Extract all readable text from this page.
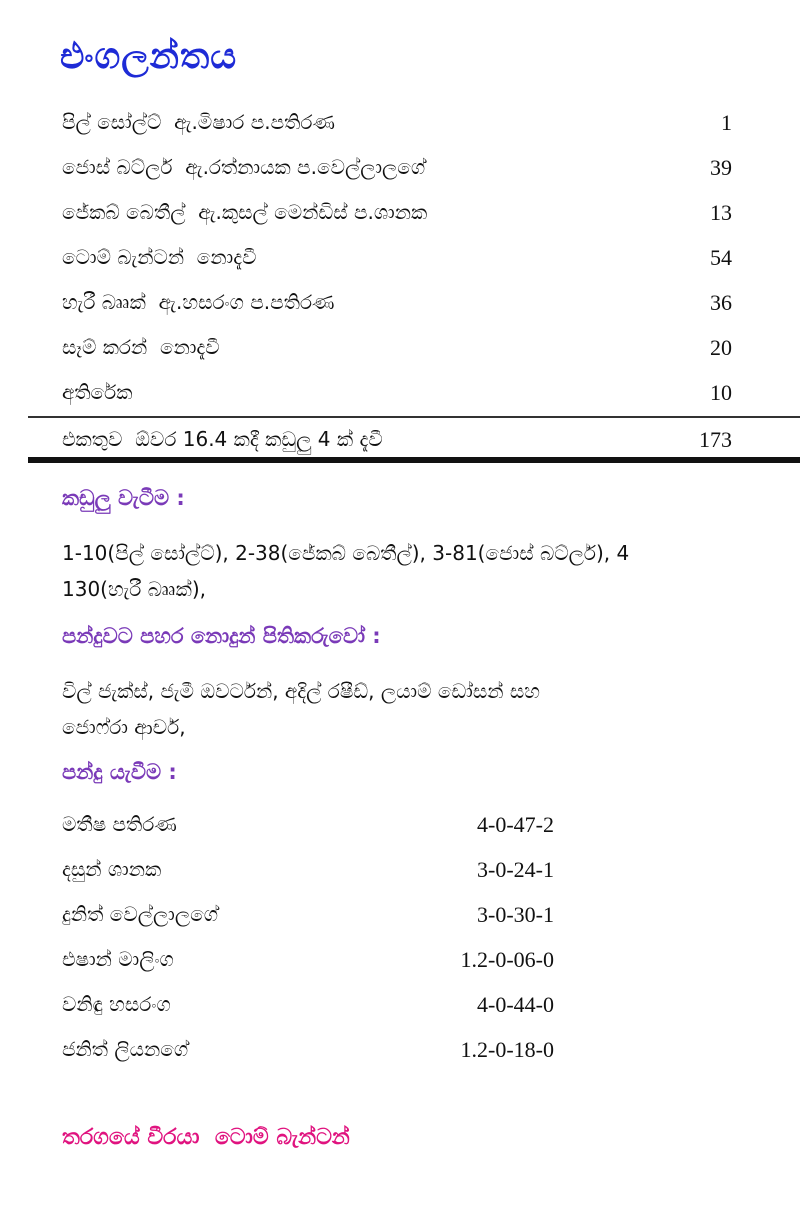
එංගලන්තය
පිල් සෝල්ට්  ඇ.මිෂාර ප.පතිරණ	1
ජොස් බට්ලර්  ඇ.රත්නායක ප.වෙල්ලාලගේ	39
ජේකබ් බෙතීල්  ඇ.කුසල් මෙන්ඩිස් ප.ශානක	13
ටොම් බැන්ටන්  නොදැවී	54
හැරී බෲක්  ඇ.හසරංග ප.පතිරණ	36
සෑම් කරන්  නොදැවී	20
අතිරේක	10
එකතුව  ඕවර 16.4 කදී කඩුලු 4 ක් දැවී	173
කඩුලු වැටීම :
1-10(පිල් සෝල්ට්), 2-38(ජේකබ් බෙතීල්), 3-81(ජොස් බට්ලර්), 4
130(හැරී බෲක්),
පන්දුවට පහර නොදුන් පිතිකරුවෝ :
විල් ජැක්ස්, ජැමී ඔවර්ටන්, අදිල් රෂීඩ්, ලයාම් ඩෝසන් සහ
ජොෆ්රා ආචර්,
පන්දු යැවීම :
මතීෂ පතිරණ	4-0-47-2
දසුන් ශානක	3-0-24-1
දුනිත් වෙල්ලාලගේ	3-0-30-1
එෂාන් මාලිංග	1.2-0-06-0
වනිඳු හසරංග	4-0-44-0
ජනිත් ලියනගේ	1.2-0-18-0
තරගයේ වීරයා  ටොම් බැන්ටන්
